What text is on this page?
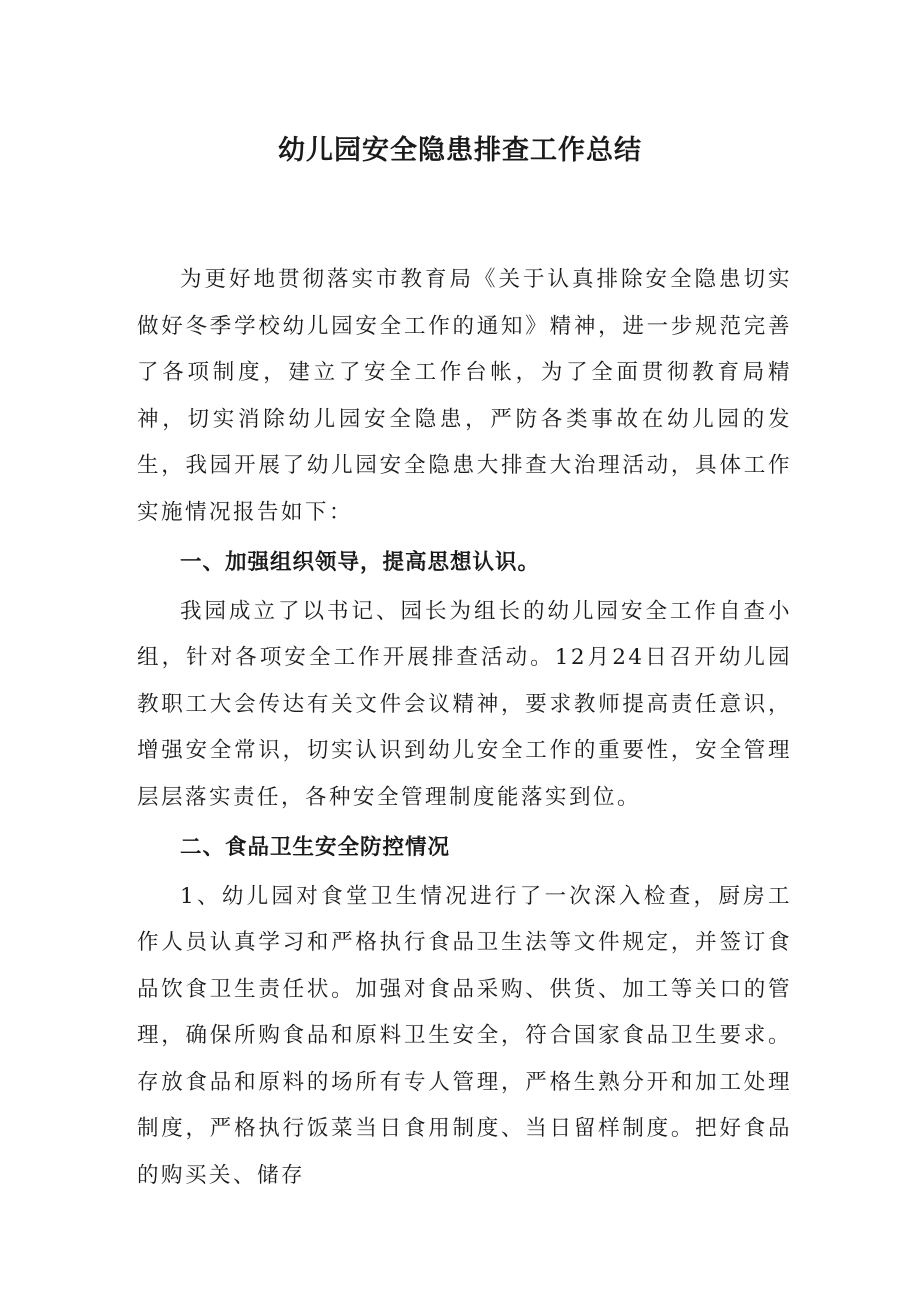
幼儿园安全隐患排查工作总结

为更好地贯彻落实市教育局《关于认真排除安全隐患切实做好冬季学校幼儿园安全工作的通知》精神，进一步规范完善了各项制度，建立了安全工作台帐，为了全面贯彻教育局精神，切实消除幼儿园安全隐患，严防各类事故在幼儿园的发生，我园开展了幼儿园安全隐患大排查大治理活动，具体工作实施情况报告如下：

一、加强组织领导，提高思想认识。

我园成立了以书记、园长为组长的幼儿园安全工作自查小组，针对各项安全工作开展排查活动。12月24日召开幼儿园教职工大会传达有关文件会议精神，要求教师提高责任意识，增强安全常识，切实认识到幼儿安全工作的重要性，安全管理层层落实责任，各种安全管理制度能落实到位。

二、食品卫生安全防控情况

1、幼儿园对食堂卫生情况进行了一次深入检查，厨房工作人员认真学习和严格执行食品卫生法等文件规定，并签订食品饮食卫生责任状。加强对食品采购、供货、加工等关口的管理，确保所购食品和原料卫生安全，符合国家食品卫生要求。存放食品和原料的场所有专人管理，严格生熟分开和加工处理制度，严格执行饭菜当日食用制度、当日留样制度。把好食品的购买关、储存
